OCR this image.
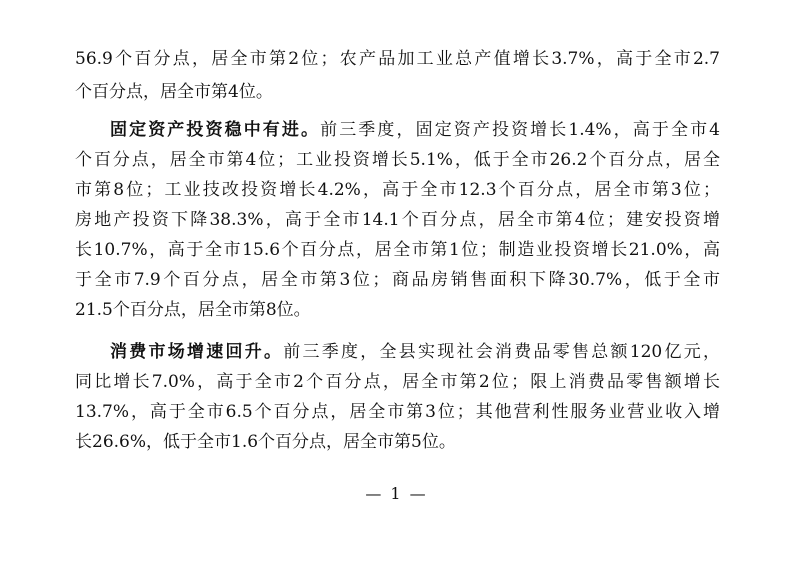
56.9个百分点，居全市第2位；农产品加工业总产值增长3.7%，高于全市2.7
个百分点，居全市第4位。
固定资产投资稳中有进。前三季度，固定资产投资增长1.4%，高于全市4
个百分点，居全市第4位；工业投资增长5.1%，低于全市26.2个百分点，居全
市第8位；工业技改投资增长4.2%，高于全市12.3个百分点，居全市第3位；
房地产投资下降38.3%，高于全市14.1个百分点，居全市第4位；建安投资增
长10.7%，高于全市15.6个百分点，居全市第1位；制造业投资增长21.0%，高
于全市7.9个百分点，居全市第3位；商品房销售面积下降30.7%，低于全市
21.5个百分点，居全市第8位。
消费市场增速回升。前三季度，全县实现社会消费品零售总额120亿元，
同比增长7.0%，高于全市2个百分点，居全市第2位；限上消费品零售额增长
13.7%，高于全市6.5个百分点，居全市第3位；其他营利性服务业营业收入增
长26.6%，低于全市1.6个百分点，居全市第5位。
— 1 —
